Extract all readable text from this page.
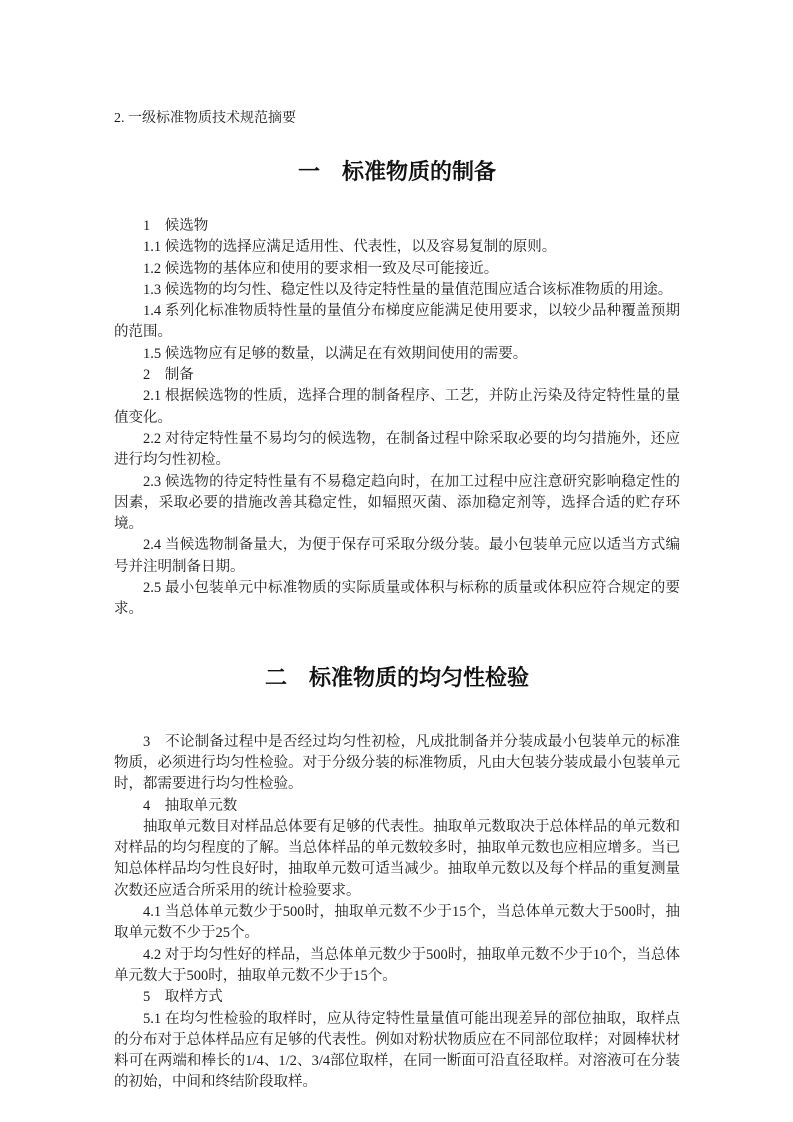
2. 一级标准物质技术规范摘要
一　标准物质的制备

1　候选物

1.1 候选物的选择应满足适用性、代表性，以及容易复制的原则。

1.2 候选物的基体应和使用的要求相一致及尽可能接近。

1.3 候选物的均匀性、稳定性以及待定特性量的量值范围应适合该标准物质的用途。

1.4 系列化标准物质特性量的量值分布梯度应能满足使用要求，以较少品种覆盖预期的范围。

1.5 候选物应有足够的数量，以满足在有效期间使用的需要。

2　制备

2.1 根据候选物的性质，选择合理的制备程序、工艺，并防止污染及待定特性量的量值变化。

2.2 对待定特性量不易均匀的候选物，在制备过程中除采取必要的均匀措施外，还应进行均匀性初检。

2.3 候选物的待定特性量有不易稳定趋向时，在加工过程中应注意研究影响稳定性的因素，采取必要的措施改善其稳定性，如辐照灭菌、添加稳定剂等，选择合适的贮存环境。

2.4 当候选物制备量大，为便于保存可采取分级分装。最小包装单元应以适当方式编号并注明制备日期。

2.5 最小包装单元中标准物质的实际质量或体积与标称的质量或体积应符合规定的要求。

二　标准物质的均匀性检验

3　不论制备过程中是否经过均匀性初检，凡成批制备并分装成最小包装单元的标准物质，必须进行均匀性检验。对于分级分装的标准物质，凡由大包装分装成最小包装单元时，都需要进行均匀性检验。

4　抽取单元数

抽取单元数目对样品总体要有足够的代表性。抽取单元数取决于总体样品的单元数和对样品的均匀程度的了解。当总体样品的单元数较多时，抽取单元数也应相应增多。当已知总体样品均匀性良好时，抽取单元数可适当减少。抽取单元数以及每个样品的重复测量次数还应适合所采用的统计检验要求。

4.1 当总体单元数少于500时，抽取单元数不少于15个，当总体单元数大于500时，抽取单元数不少于25个。

4.2 对于均匀性好的样品，当总体单元数少于500时，抽取单元数不少于10个，当总体单元数大于500时，抽取单元数不少于15个。

5　取样方式

5.1 在均匀性检验的取样时，应从待定特性量量值可能出现差异的部位抽取，取样点的分布对于总体样品应有足够的代表性。例如对粉状物质应在不同部位取样；对圆棒状材料可在两端和棒长的1/4、1/2、3/4部位取样，在同一断面可沿直径取样。对溶液可在分装的初始，中间和终结阶段取样。
